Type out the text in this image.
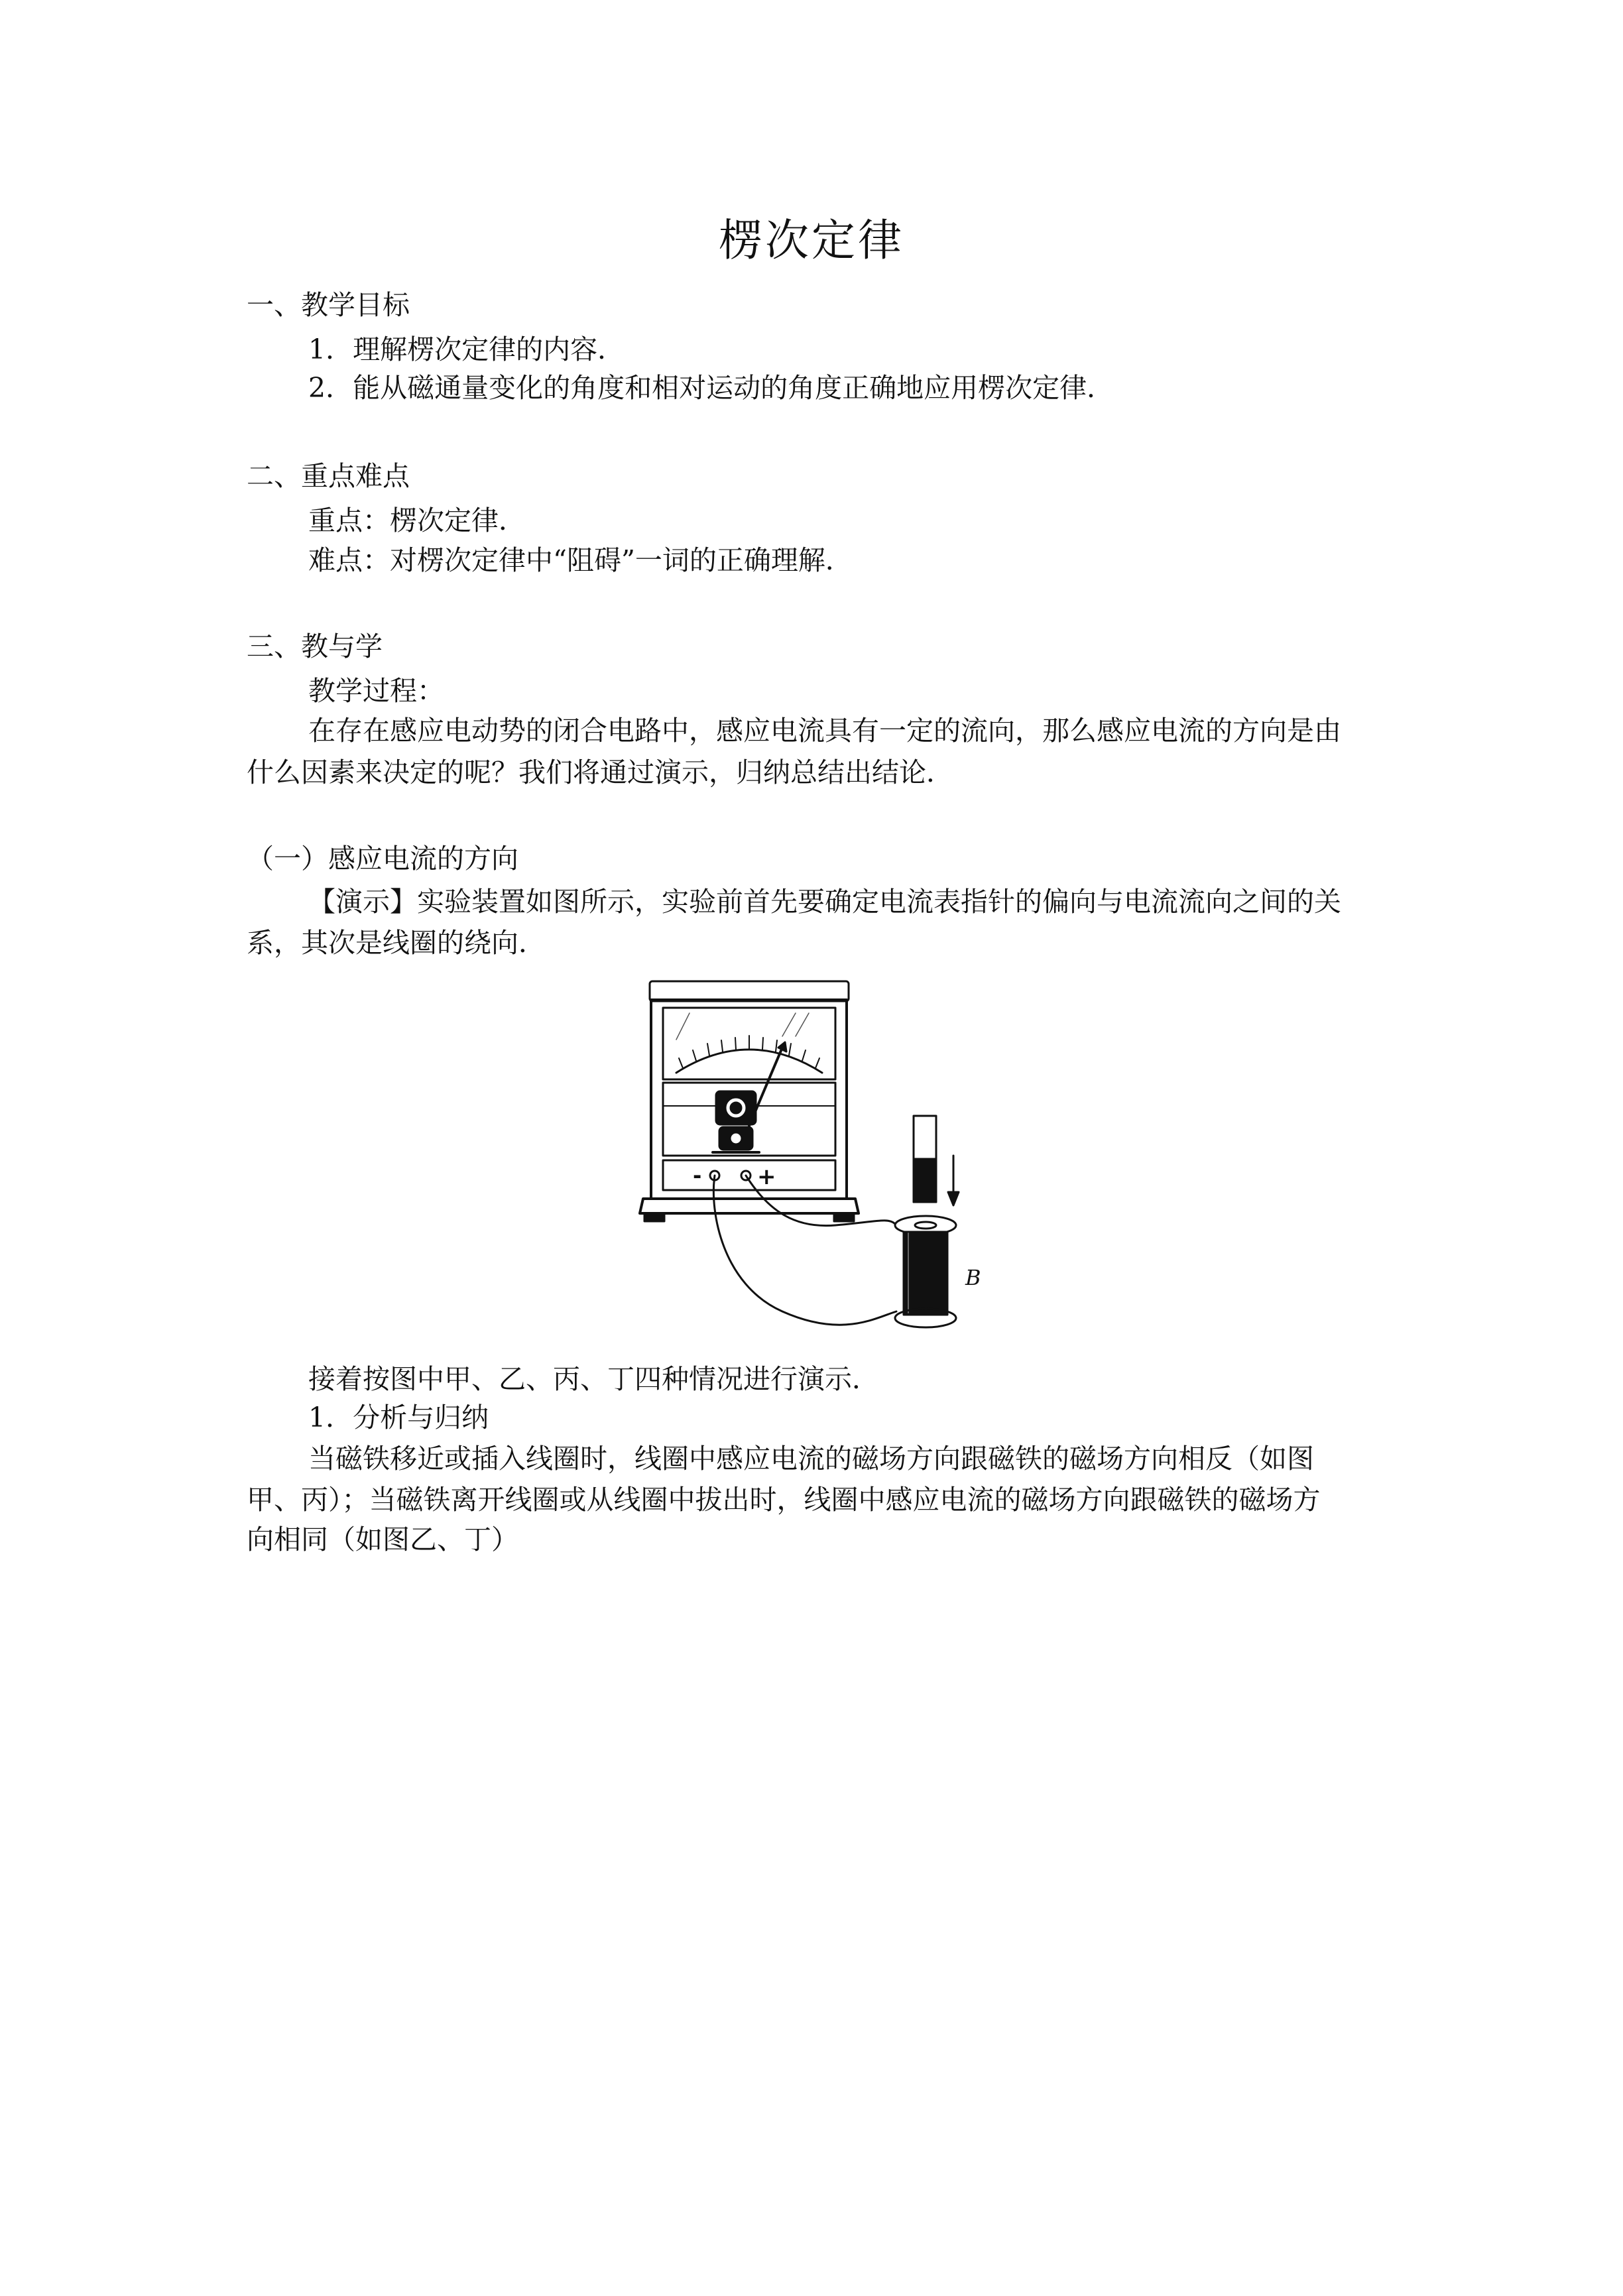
楞次定律
一、教学目标
1．理解楞次定律的内容．
2．能从磁通量变化的角度和相对运动的角度正确地应用楞次定律．
二、重点难点
重点：楞次定律．
难点：对楞次定律中“阻碍”一词的正确理解．
三、教与学
教学过程：
在存在感应电动势的闭合电路中，感应电流具有一定的流向，那么感应电流的方向是由
什么因素来决定的呢？我们将通过演示，归纳总结出结论．
（一）感应电流的方向
【演示】实验装置如图所示，实验前首先要确定电流表指针的偏向与电流流向之间的关
系，其次是线圈的绕向．
- +
B
接着按图中甲、乙、丙、丁四种情况进行演示．
1．分析与归纳
当磁铁移近或插入线圈时，线圈中感应电流的磁场方向跟磁铁的磁场方向相反（如图
甲、丙）；当磁铁离开线圈或从线圈中拔出时，线圈中感应电流的磁场方向跟磁铁的磁场方
向相同（如图乙、丁）
